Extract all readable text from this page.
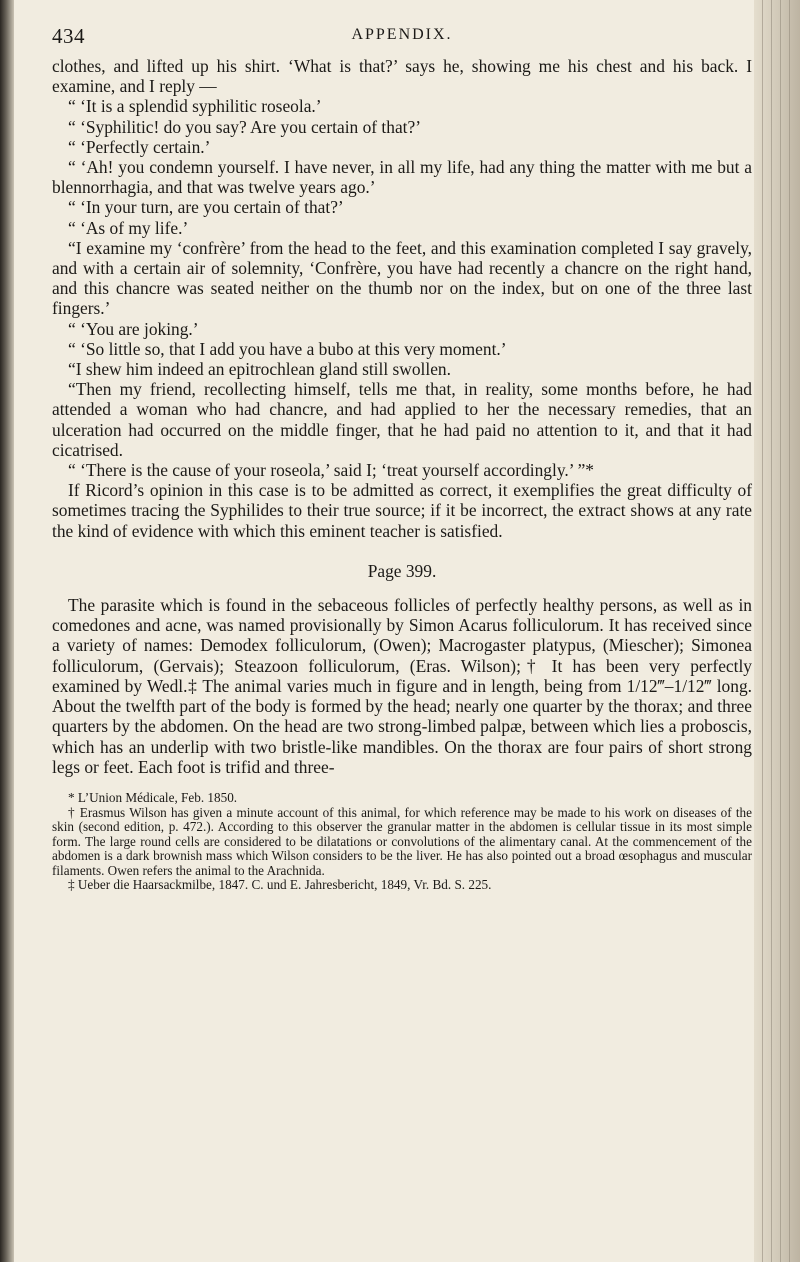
434	APPENDIX.

clothes, and lifted up his shirt. ‘What is that?’ says he, showing me his chest and his back. I examine, and I reply —

“ ‘It is a splendid syphilitic roseola.’

“ ‘Syphilitic! do you say? Are you certain of that?’

“ ‘Perfectly certain.’

“ ‘Ah! you condemn yourself. I have never, in all my life, had any thing the matter with me but a blennorrhagia, and that was twelve years ago.’

“ ‘In your turn, are you certain of that?’

“ ‘As of my life.’

“I examine my ‘confrère’ from the head to the feet, and this examination completed I say gravely, and with a certain air of solemnity, ‘Confrère, you have had recently a chancre on the right hand, and this chancre was seated neither on the thumb nor on the index, but on one of the three last fingers.’

“ ‘You are joking.’

“ ‘So little so, that I add you have a bubo at this very moment.’

“I shew him indeed an epitrochlean gland still swollen.

“Then my friend, recollecting himself, tells me that, in reality, some months before, he had attended a woman who had chancre, and had applied to her the necessary remedies, that an ulceration had occurred on the middle finger, that he had paid no attention to it, and that it had cicatrised.

“ ‘There is the cause of your roseola,’ said I; ‘treat yourself accordingly.’ ”*

If Ricord’s opinion in this case is to be admitted as correct, it exemplifies the great difficulty of sometimes tracing the Syphilides to their true source; if it be incorrect, the extract shows at any rate the kind of evidence with which this eminent teacher is satisfied.

Page 399.

The parasite which is found in the sebaceous follicles of perfectly healthy persons, as well as in comedones and acne, was named provisionally by Simon Acarus folliculorum. It has received since a variety of names: Demodex folliculorum, (Owen); Macrogaster platypus, (Miescher); Simonea folliculorum, (Gervais); Steazoon folliculorum, (Eras. Wilson);† It has been very perfectly examined by Wedl.‡ The animal varies much in figure and in length, being from 1/12‴–1/12‴ long. About the twelfth part of the body is formed by the head; nearly one quarter by the thorax; and three quarters by the abdomen. On the head are two strong-limbed palpæ, between which lies a proboscis, which has an underlip with two bristle-like mandibles. On the thorax are four pairs of short strong legs or feet. Each foot is trifid and three-

* L’Union Médicale, Feb. 1850.

† Erasmus Wilson has given a minute account of this animal, for which reference may be made to his work on diseases of the skin (second edition, p. 472.). According to this observer the granular matter in the abdomen is cellular tissue in its most simple form. The large round cells are considered to be dilatations or convolutions of the alimentary canal. At the commencement of the abdomen is a dark brownish mass which Wilson considers to be the liver. He has also pointed out a broad œsophagus and muscular filaments. Owen refers the animal to the Arachnida.

‡ Ueber die Haarsackmilbe, 1847. C. und E. Jahresbericht, 1849, Vr. Bd. S. 225.
